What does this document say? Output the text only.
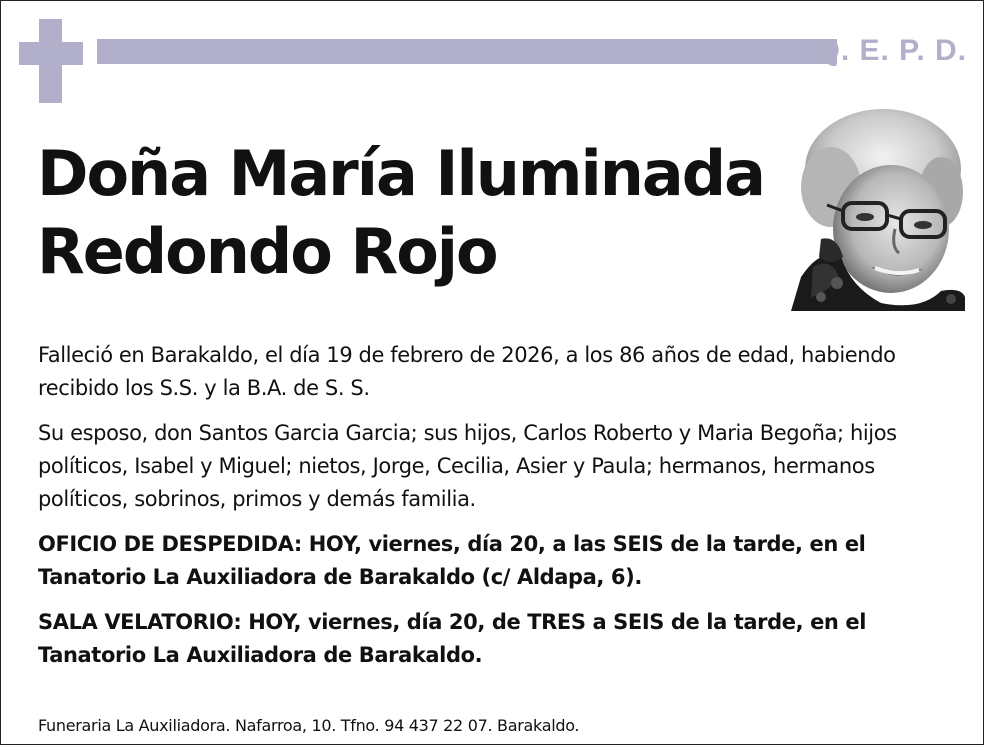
Q. E. P. D.
Doña María Iluminada
Redondo Rojo

Falleció en Barakaldo, el día 19 de febrero de 2026, a los 86 años de edad, habiendo recibido los S.S. y la B.A. de S. S.

Su esposo, don Santos Garcia Garcia; sus hijos, Carlos Roberto y Maria Begoña; hijos políticos, Isabel y Miguel; nietos, Jorge, Cecilia, Asier y Paula; hermanos, hermanos políticos, sobrinos, primos y demás familia.

OFICIO DE DESPEDIDA: HOY, viernes, día 20, a las SEIS de la tarde, en el Tanatorio La Auxiliadora de Barakaldo (c/ Aldapa, 6).

SALA VELATORIO: HOY, viernes, día 20, de TRES a SEIS de la tarde, en el Tanatorio La Auxiliadora de Barakaldo.

Funeraria La Auxiliadora. Nafarroa, 10. Tfno. 94 437 22 07. Barakaldo.
